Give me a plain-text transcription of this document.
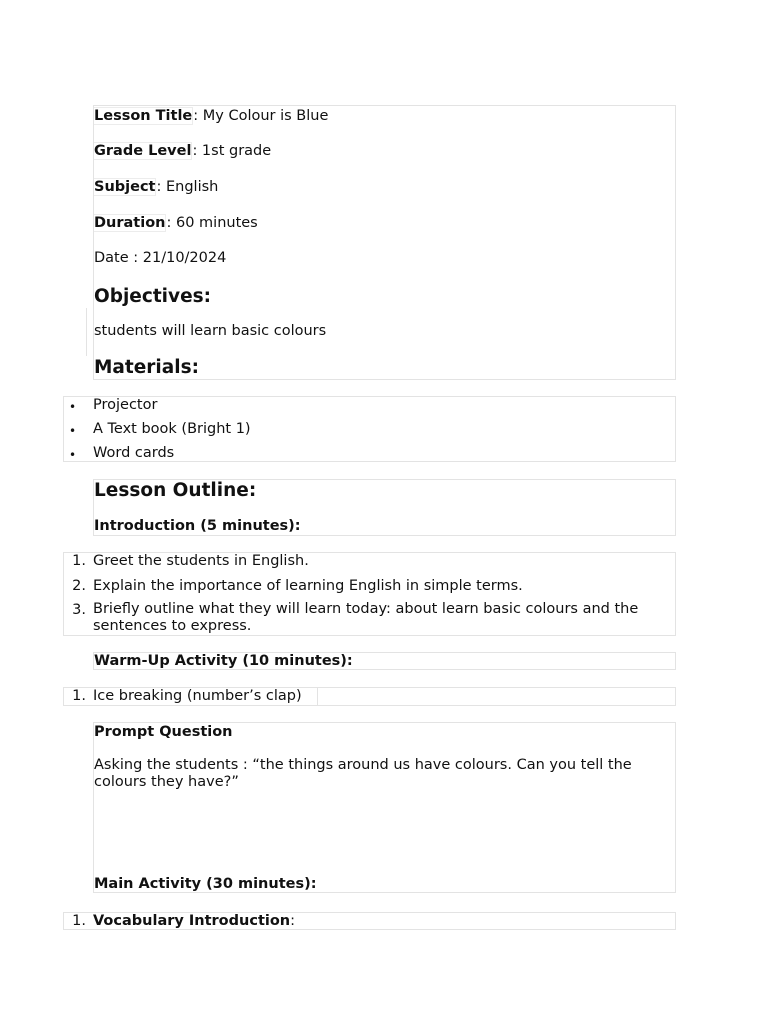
Lesson Title: My Colour is Blue
Grade Level: 1st grade
Subject: English
Duration: 60 minutes
Date : 21/10/2024
Objectives:
students will learn basic colours
Materials:
• Projector
• A Text book (Bright 1)
• Word cards
Lesson Outline:
Introduction (5 minutes):
1. Greet the students in English.
2. Explain the importance of learning English in simple terms.
3. Briefly outline what they will learn today: about learn basic colours and the sentences to express.
Warm-Up Activity (10 minutes):
1. Ice breaking (number’s clap)
Prompt Question
Asking the students : “the things around us have colours. Can you tell the colours they have?”
Main Activity (30 minutes):
1. Vocabulary Introduction:
